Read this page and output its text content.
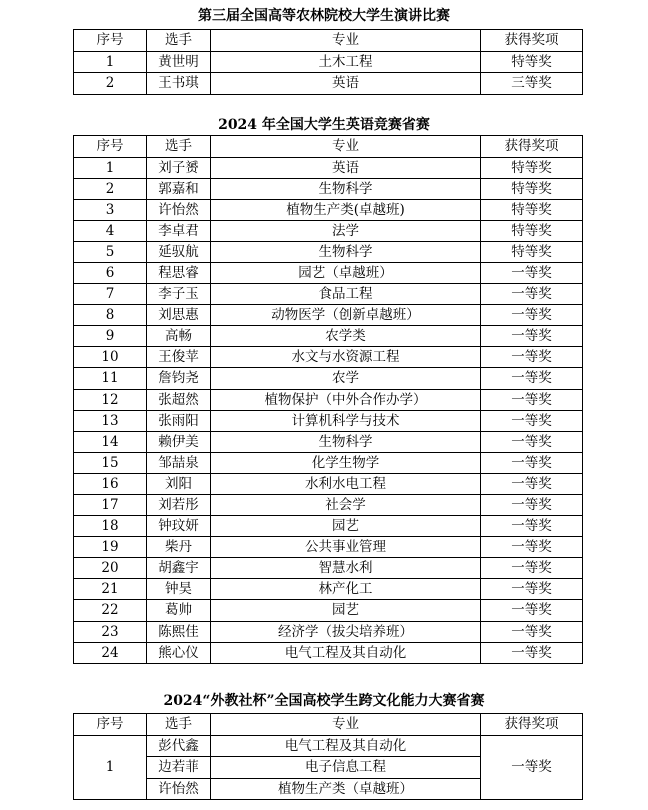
第三届全国高等农林院校大学生演讲比赛
序号	选手	专业	获得奖项
1	黄世明	土木工程	特等奖
2	王书琪	英语	三等奖
2024 年全国大学生英语竞赛省赛
序号	选手	专业	获得奖项
1	刘子赟	英语	特等奖
2	郭嘉和	生物科学	特等奖
3	许怡然	植物生产类(卓越班)	特等奖
4	李卓君	法学	特等奖
5	延驭航	生物科学	特等奖
6	程思睿	园艺（卓越班）	一等奖
7	李子玉	食品工程	一等奖
8	刘思惠	动物医学（创新卓越班）	一等奖
9	高畅	农学类	一等奖
10	王俊苹	水文与水资源工程	一等奖
11	詹钧尧	农学	一等奖
12	张超然	植物保护（中外合作办学）	一等奖
13	张雨阳	计算机科学与技术	一等奖
14	赖伊美	生物科学	一等奖
15	邹喆泉	化学生物学	一等奖
16	刘阳	水利水电工程	一等奖
17	刘若彤	社会学	一等奖
18	钟玟妍	园艺	一等奖
19	柴丹	公共事业管理	一等奖
20	胡鑫宇	智慧水利	一等奖
21	钟昊	林产化工	一等奖
22	葛帅	园艺	一等奖
23	陈熙佳	经济学（拔尖培养班）	一等奖
24	熊心仪	电气工程及其自动化	一等奖
2024“外教社杯”全国高校学生跨文化能力大赛省赛
序号	选手	专业	获得奖项
1	彭代鑫	电气工程及其自动化	一等奖
	边若菲	电子信息工程	
	许怡然	植物生产类（卓越班）	
